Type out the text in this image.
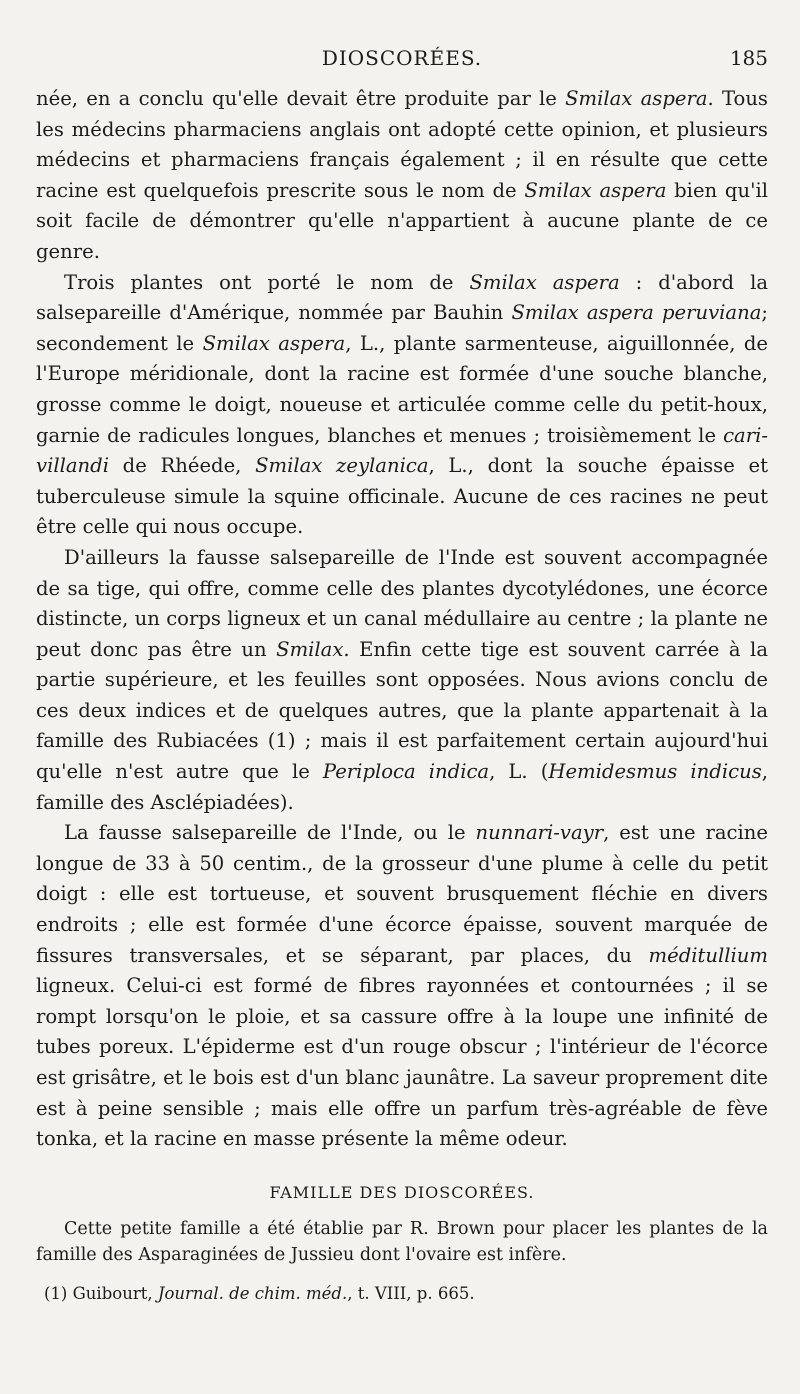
DIOSCORÉES.	185

née, en a conclu qu'elle devait être produite par le Smilax aspera. Tous les médecins pharmaciens anglais ont adopté cette opinion, et plusieurs médecins et pharmaciens français également ; il en résulte que cette racine est quelquefois prescrite sous le nom de Smilax aspera bien qu'il soit facile de démontrer qu'elle n'appartient à aucune plante de ce genre.

Trois plantes ont porté le nom de Smilax aspera : d'abord la salsepareille d'Amérique, nommée par Bauhin Smilax aspera peruviana; secondement le Smilax aspera, L., plante sarmenteuse, aiguillonnée, de l'Europe méridionale, dont la racine est formée d'une souche blanche, grosse comme le doigt, noueuse et articulée comme celle du petit-houx, garnie de radicules longues, blanches et menues ; troisièmement le cari-villandi de Rhéede, Smilax zeylanica, L., dont la souche épaisse et tuberculeuse simule la squine officinale. Aucune de ces racines ne peut être celle qui nous occupe.

D'ailleurs la fausse salsepareille de l'Inde est souvent accompagnée de sa tige, qui offre, comme celle des plantes dycotylédones, une écorce distincte, un corps ligneux et un canal médullaire au centre ; la plante ne peut donc pas être un Smilax. Enfin cette tige est souvent carrée à la partie supérieure, et les feuilles sont opposées. Nous avions conclu de ces deux indices et de quelques autres, que la plante appartenait à la famille des Rubiacées (1) ; mais il est parfaitement certain aujourd'hui qu'elle n'est autre que le Periploca indica, L. (Hemidesmus indicus, famille des Asclépiadées).

La fausse salsepareille de l'Inde, ou le nunnari-vayr, est une racine longue de 33 à 50 centim., de la grosseur d'une plume à celle du petit doigt : elle est tortueuse, et souvent brusquement fléchie en divers endroits ; elle est formée d'une écorce épaisse, souvent marquée de fissures transversales, et se séparant, par places, du méditullium ligneux. Celui-ci est formé de fibres rayonnées et contournées ; il se rompt lorsqu'on le ploie, et sa cassure offre à la loupe une infinité de tubes poreux. L'épiderme est d'un rouge obscur ; l'intérieur de l'écorce est grisâtre, et le bois est d'un blanc jaunâtre. La saveur proprement dite est à peine sensible ; mais elle offre un parfum très-agréable de fève tonka, et la racine en masse présente la même odeur.

FAMILLE DES DIOSCORÉES.

Cette petite famille a été établie par R. Brown pour placer les plantes de la famille des Asparaginées de Jussieu dont l'ovaire est infère.

(1) Guibourt, Journal. de chim. méd., t. VIII, p. 665.
